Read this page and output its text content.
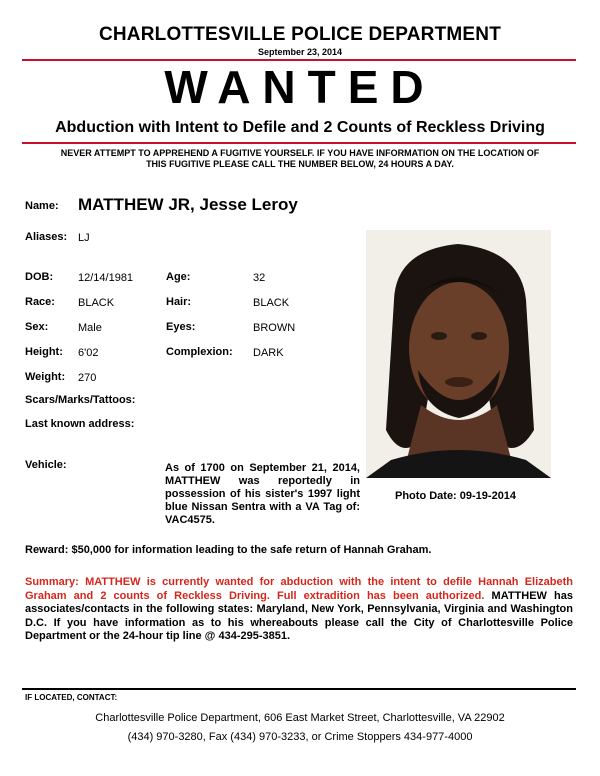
CHARLOTTESVILLE POLICE DEPARTMENT
September 23, 2014
WANTED
Abduction with Intent to Defile and 2 Counts of Reckless Driving
NEVER ATTEMPT TO APPREHEND A FUGITIVE YOURSELF. IF YOU HAVE INFORMATION ON THE LOCATION OF THIS FUGITIVE PLEASE CALL THE NUMBER BELOW, 24 HOURS A DAY.
Name: MATTHEW JR, Jesse Leroy
Aliases: LJ
DOB: 12/14/1981	Age:	32
Race: BLACK	Hair:	BLACK
Sex:	Male	Eyes:	BROWN
Height: 6'02	Complexion: DARK
Weight: 270
Scars/Marks/Tattoos:
Last known address:
Vehicle:	As of 1700 on September 21, 2014, MATTHEW was reportedly in possession of his sister's 1997 light blue Nissan Sentra with a VA Tag of: VAC4575.
Photo Date: 09-19-2014
Reward: $50,000 for information leading to the safe return of Hannah Graham.
Summary: MATTHEW is currently wanted for abduction with the intent to defile Hannah Elizabeth Graham and 2 counts of Reckless Driving. Full extradition has been authorized. MATTHEW has associates/contacts in the following states: Maryland, New York, Pennsylvania, Virginia and Washington D.C. If you have information as to his whereabouts please call the City of Charlottesville Police Department or the 24-hour tip line @ 434-295-3851.
IF LOCATED, CONTACT:
Charlottesville Police Department, 606 East Market Street, Charlottesville, VA 22902
(434) 970-3280, Fax (434) 970-3233, or Crime Stoppers 434-977-4000
